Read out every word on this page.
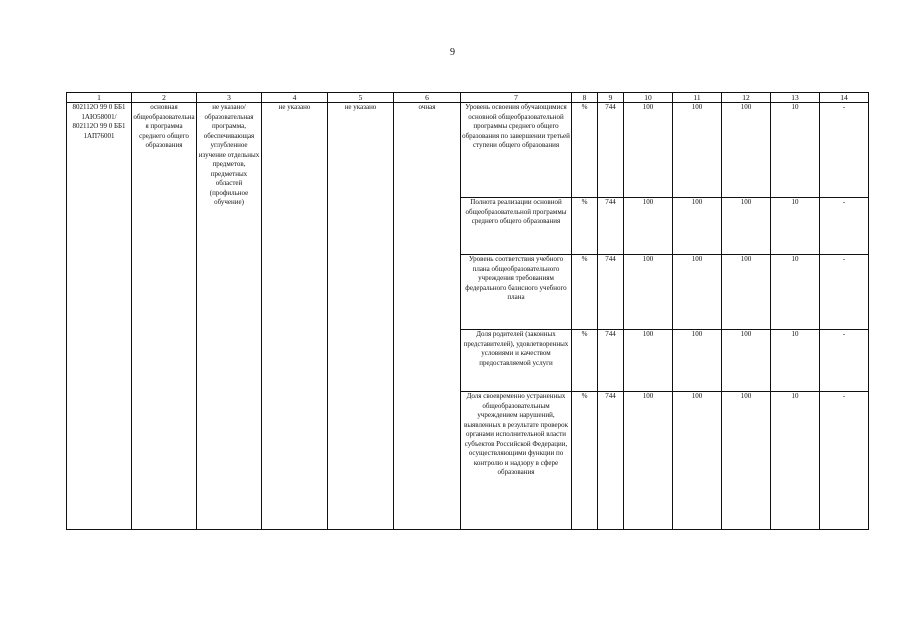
9
1	2	3	4	5	6	7	8	9	10	11	12	13	14
802112О 99 0 ББ1 1АЮ58001/ 802112О 99 0 ББ1 1АП76001	основная общеобразовательная программа среднего общего образования	не указано/ образовательная программа, обеспечивающая углубленное изучение отдельных предметов, предметных областей (профильное обучение)	не указано	не указано	очная	Уровень освоения обучающимися основной общеобразовательной программы среднего общего образования по завершении третьей ступени общего образования	%	744	100	100	100	10	-
						Полнота реализации основной общеобразовательной программы среднего общего образования	%	744	100	100	100	10	-
						Уровень соответствия учебного плана общеобразовательного учреждения требованиям федерального базисного учебного плана	%	744	100	100	100	10	-
						Доля родителей (законных представителей), удовлетворенных условиями и качеством предоставляемой услуги	%	744	100	100	100	10	-
						Доля своевременно устраненных общеобразовательным учреждением нарушений, выявленных в результате проверок органами исполнительной власти субъектов Российской Федерации, осуществляющими функции по контролю и надзору в сфере образования	%	744	100	100	100	10	-
